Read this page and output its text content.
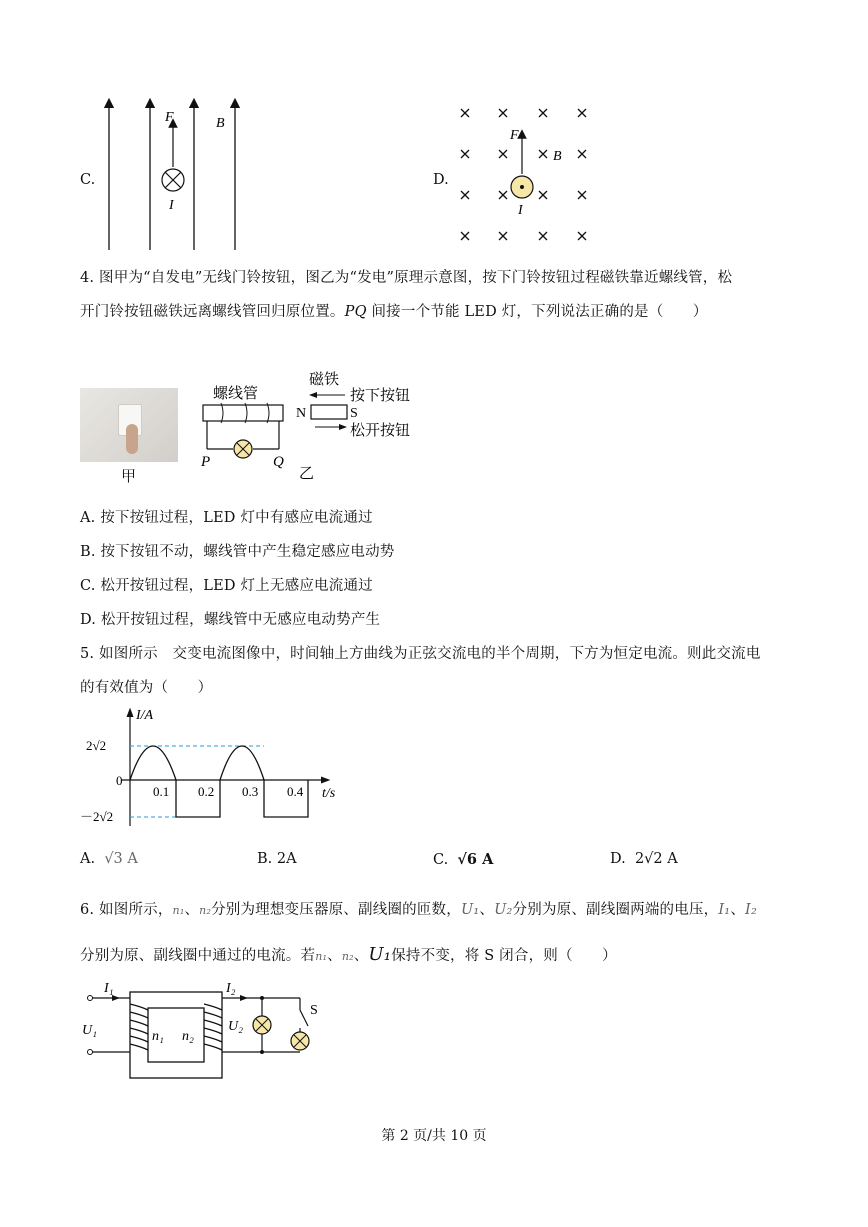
C.
F	B
I
D.
F
B
I
4. 图甲为“自发电”无线门铃按钮，图乙为“发电”原理示意图，按下门铃按钮过程磁铁靠近螺线管，松
开门铃按钮磁铁远离螺线管回归原位置。PQ 间接一个节能 LED 灯，下列说法正确的是（　　）
甲
螺线管
P	Q
磁铁
按下按钮
N	S
松开按钮
乙
A. 按下按钮过程，LED 灯中有感应电流通过
B. 按下按钮不动，螺线管中产生稳定感应电动势
C. 松开按钮过程，LED 灯上无感应电流通过
D. 松开按钮过程，螺线管中无感应电动势产生
5. 如图所示　交变电流图像中，时间轴上方曲线为正弦交流电的半个周期，下方为恒定电流。则此交流电
的有效值为（　　）
I/A
t/s
0
2√2
－2√2
0.1 0.2 0.3 0.4
A. √3 A	B. 2A	C. √6 A	D. 2√2 A
6. 如图所示，n₁、n₂分别为理想变压器原、副线圈的匝数，U₁、U₂分别为原、副线圈两端的电压，I₁、I₂
分别为原、副线圈中通过的电流。若n₁、n₂、U₁保持不变，将 S 闭合，则（　　）
I₁
U₁	n₁ n₂
I₂
U₂
S
第 2 页/共 10 页
